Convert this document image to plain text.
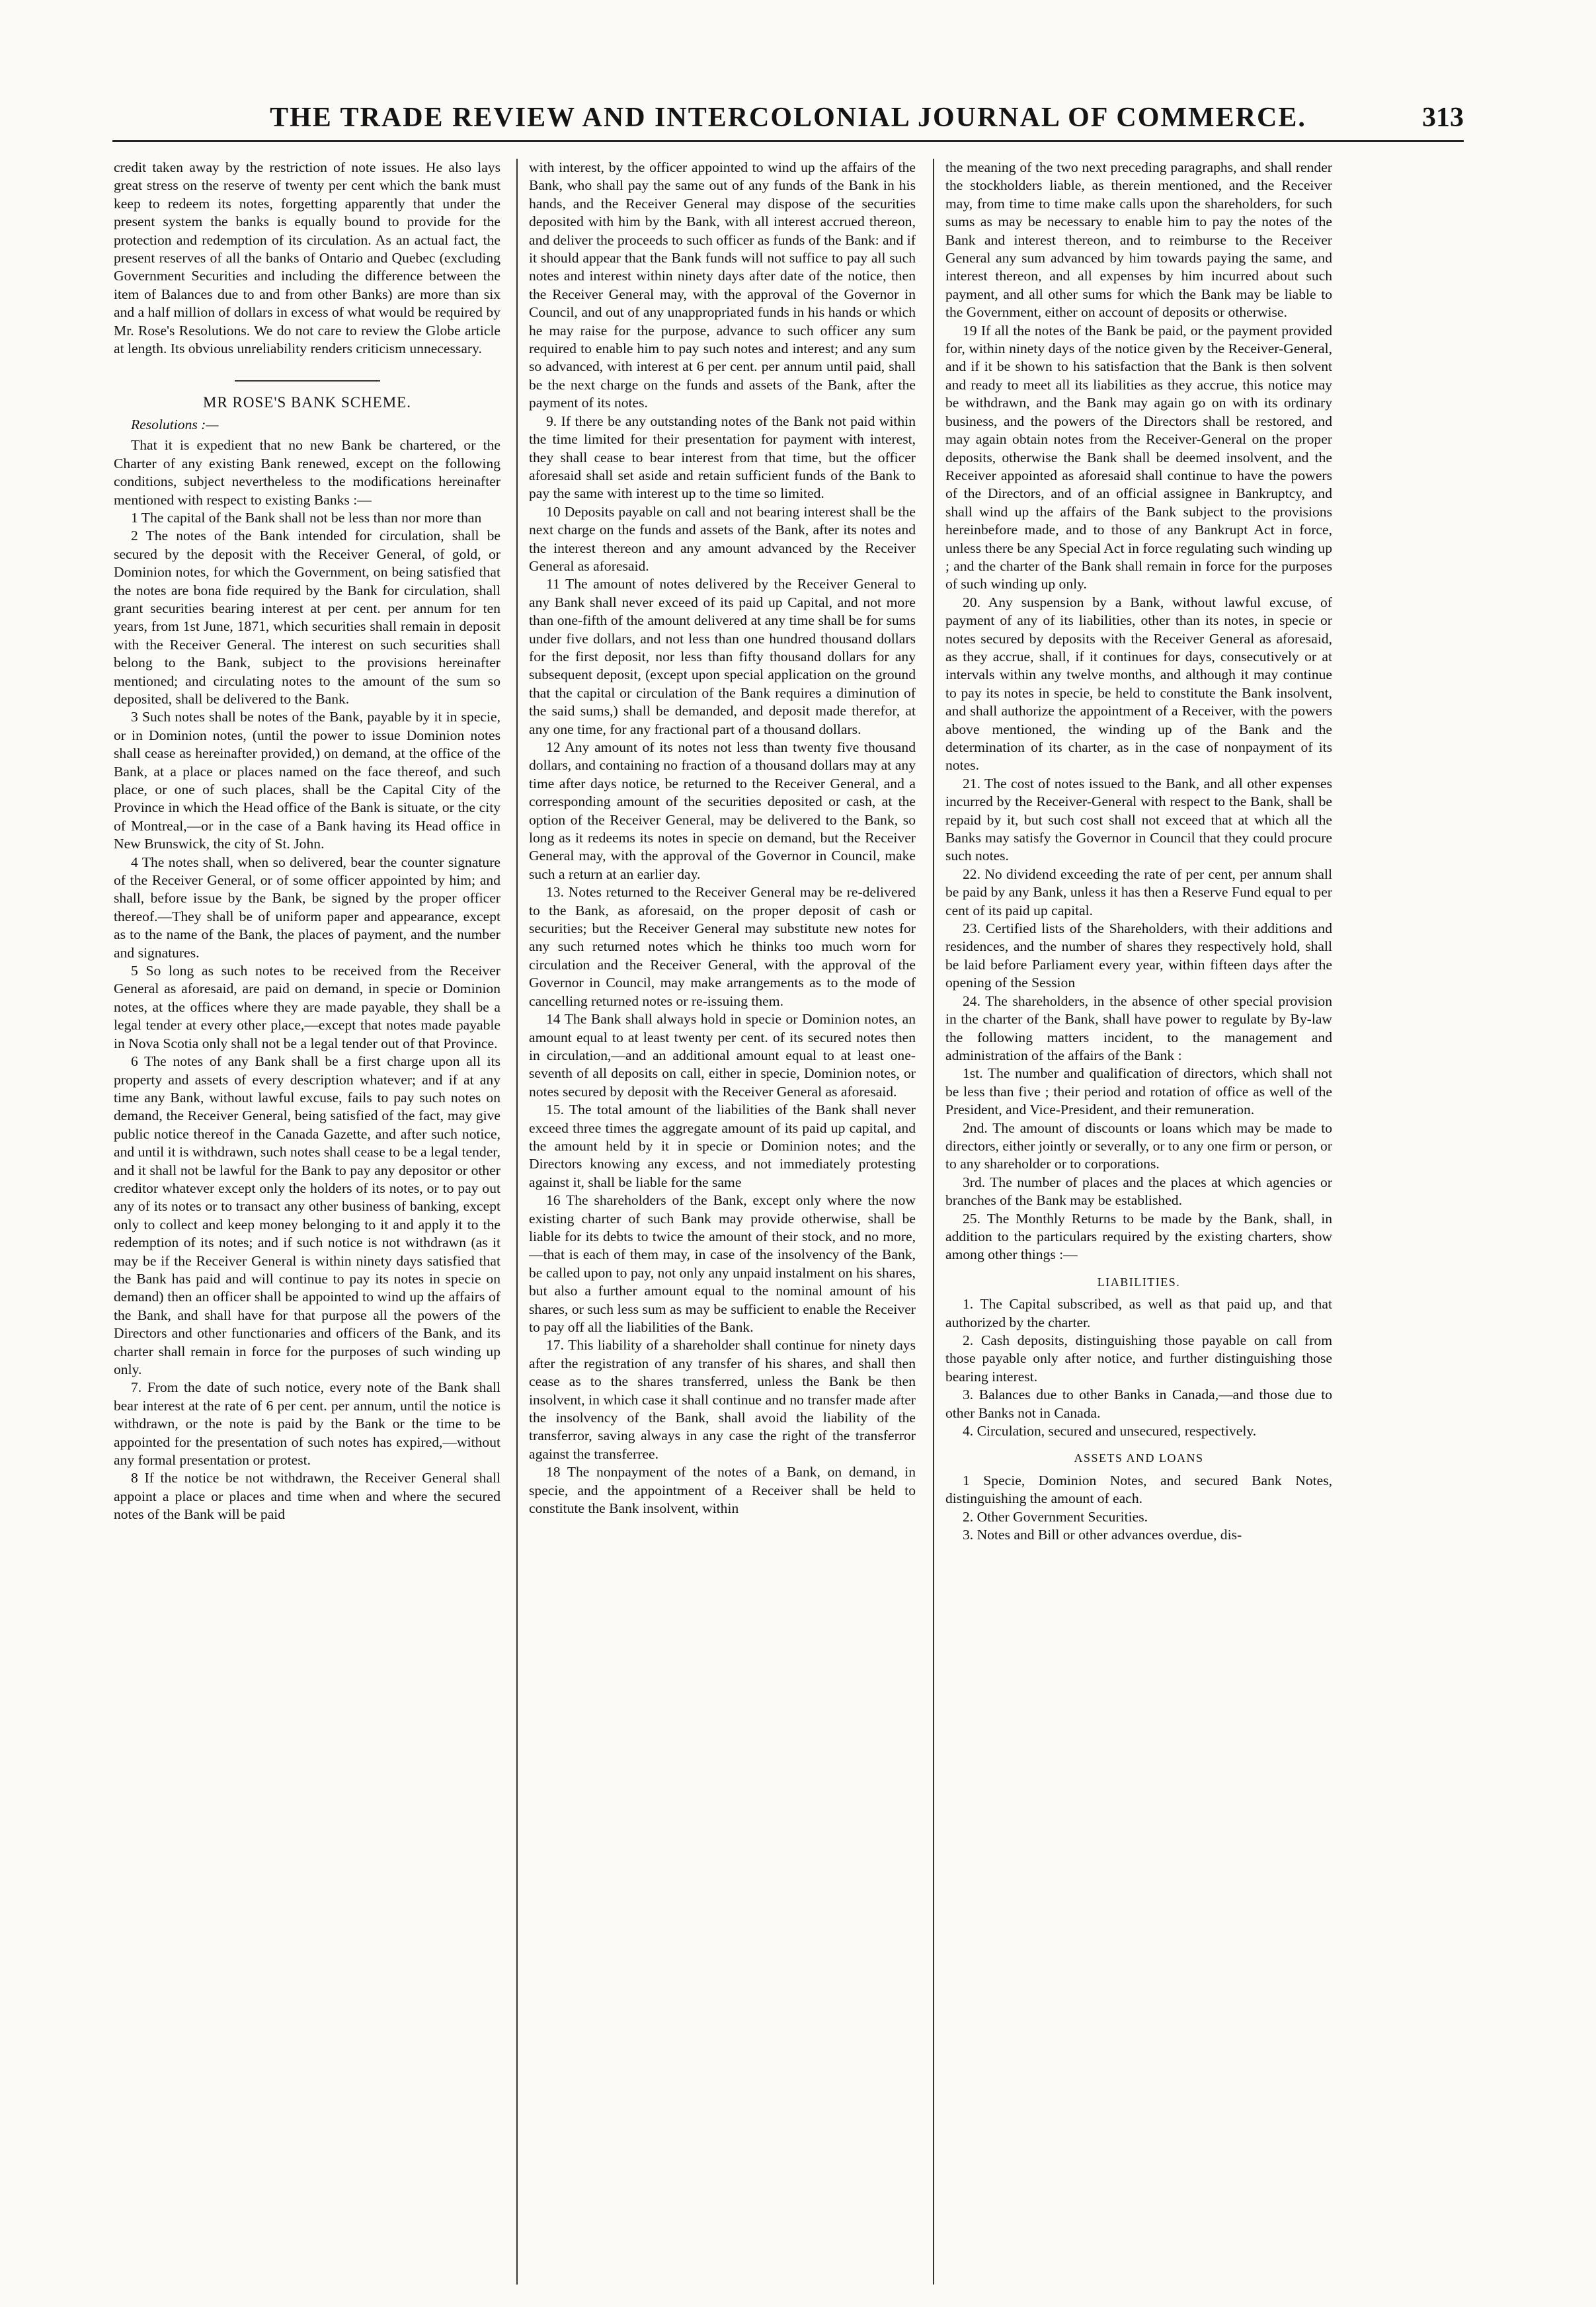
THE TRADE REVIEW AND INTERCOLONIAL JOURNAL OF COMMERCE.	313

credit taken away by the restriction of note issues. He also lays great stress on the reserve of twenty per cent which the bank must keep to redeem its notes, forgetting apparently that under the present system the banks is equally bound to provide for the protection and redemption of its circulation. As an actual fact, the present reserves of all the banks of Ontario and Quebec (excluding Government Securities and including the difference between the item of Balances due to and from other Banks) are more than six and a half million of dollars in excess of what would be required by Mr. Rose's Resolutions. We do not care to review the Globe article at length. Its obvious unreliability renders criticism unnecessary.

MR ROSE'S BANK SCHEME.
Resolutions :—

That it is expedient that no new Bank be chartered, or the Charter of any existing Bank renewed, except on the following conditions, subject nevertheless to the modifications hereinafter mentioned with respect to existing Banks :—

1 The capital of the Bank shall not be less than nor more than

2 The notes of the Bank intended for circulation, shall be secured by the deposit with the Receiver General, of gold, or Dominion notes, for which the Government, on being satisfied that the notes are bona fide required by the Bank for circulation, shall grant securities bearing interest at per cent. per annum for ten years, from 1st June, 1871, which securities shall remain in deposit with the Receiver General. The interest on such securities shall belong to the Bank, subject to the provisions hereinafter mentioned; and circulating notes to the amount of the sum so deposited, shall be delivered to the Bank.

3 Such notes shall be notes of the Bank, payable by it in specie, or in Dominion notes, (until the power to issue Dominion notes shall cease as hereinafter provided,) on demand, at the office of the Bank, at a place or places named on the face thereof, and such place, or one of such places, shall be the Capital City of the Province in which the Head office of the Bank is situate, or the city of Montreal,—or in the case of a Bank having its Head office in New Brunswick, the city of St. John.

4 The notes shall, when so delivered, bear the counter signature of the Receiver General, or of some officer appointed by him; and shall, before issue by the Bank, be signed by the proper officer thereof.—They shall be of uniform paper and appearance, except as to the name of the Bank, the places of payment, and the number and signatures.

5 So long as such notes to be received from the Receiver General as aforesaid, are paid on demand, in specie or Dominion notes, at the offices where they are made payable, they shall be a legal tender at every other place,—except that notes made payable in Nova Scotia only shall not be a legal tender out of that Province.

6 The notes of any Bank shall be a first charge upon all its property and assets of every description whatever; and if at any time any Bank, without lawful excuse, fails to pay such notes on demand, the Receiver General, being satisfied of the fact, may give public notice thereof in the Canada Gazette, and after such notice, and until it is withdrawn, such notes shall cease to be a legal tender, and it shall not be lawful for the Bank to pay any depositor or other creditor whatever except only the holders of its notes, or to pay out any of its notes or to transact any other business of banking, except only to collect and keep money belonging to it and apply it to the redemption of its notes; and if such notice is not withdrawn (as it may be if the Receiver General is within ninety days satisfied that the Bank has paid and will continue to pay its notes in specie on demand) then an officer shall be appointed to wind up the affairs of the Bank, and shall have for that purpose all the powers of the Directors and other functionaries and officers of the Bank, and its charter shall remain in force for the purposes of such winding up only.

7. From the date of such notice, every note of the Bank shall bear interest at the rate of 6 per cent. per annum, until the notice is withdrawn, or the note is paid by the Bank or the time to be appointed for the presentation of such notes has expired,—without any formal presentation or protest.

8 If the notice be not withdrawn, the Receiver General shall appoint a place or places and time when and where the secured notes of the Bank will be paid

with interest, by the officer appointed to wind up the affairs of the Bank, who shall pay the same out of any funds of the Bank in his hands, and the Receiver General may dispose of the securities deposited with him by the Bank, with all interest accrued thereon, and deliver the proceeds to such officer as funds of the Bank: and if it should appear that the Bank funds will not suffice to pay all such notes and interest within ninety days after date of the notice, then the Receiver General may, with the approval of the Governor in Council, and out of any unappropriated funds in his hands or which he may raise for the purpose, advance to such officer any sum required to enable him to pay such notes and interest; and any sum so advanced, with interest at 6 per cent. per annum until paid, shall be the next charge on the funds and assets of the Bank, after the payment of its notes.

9. If there be any outstanding notes of the Bank not paid within the time limited for their presentation for payment with interest, they shall cease to bear interest from that time, but the officer aforesaid shall set aside and retain sufficient funds of the Bank to pay the same with interest up to the time so limited.

10 Deposits payable on call and not bearing interest shall be the next charge on the funds and assets of the Bank, after its notes and the interest thereon and any amount advanced by the Receiver General as aforesaid.

11 The amount of notes delivered by the Receiver General to any Bank shall never exceed of its paid up Capital, and not more than one-fifth of the amount delivered at any time shall be for sums under five dollars, and not less than one hundred thousand dollars for the first deposit, nor less than fifty thousand dollars for any subsequent deposit, (except upon special application on the ground that the capital or circulation of the Bank requires a diminution of the said sums,) shall be demanded, and deposit made therefor, at any one time, for any fractional part of a thousand dollars.

12 Any amount of its notes not less than twenty five thousand dollars, and containing no fraction of a thousand dollars may at any time after days notice, be returned to the Receiver General, and a corresponding amount of the securities deposited or cash, at the option of the Receiver General, may be delivered to the Bank, so long as it redeems its notes in specie on demand, but the Receiver General may, with the approval of the Governor in Council, make such a return at an earlier day.

13. Notes returned to the Receiver General may be re-delivered to the Bank, as aforesaid, on the proper deposit of cash or securities; but the Receiver General may substitute new notes for any such returned notes which he thinks too much worn for circulation and the Receiver General, with the approval of the Governor in Council, may make arrangements as to the mode of cancelling returned notes or re-issuing them.

14 The Bank shall always hold in specie or Dominion notes, an amount equal to at least twenty per cent. of its secured notes then in circulation,—and an additional amount equal to at least one-seventh of all deposits on call, either in specie, Dominion notes, or notes secured by deposit with the Receiver General as aforesaid.

15. The total amount of the liabilities of the Bank shall never exceed three times the aggregate amount of its paid up capital, and the amount held by it in specie or Dominion notes; and the Directors knowing any excess, and not immediately protesting against it, shall be liable for the same

16 The shareholders of the Bank, except only where the now existing charter of such Bank may provide otherwise, shall be liable for its debts to twice the amount of their stock, and no more,—that is each of them may, in case of the insolvency of the Bank, be called upon to pay, not only any unpaid instalment on his shares, but also a further amount equal to the nominal amount of his shares, or such less sum as may be sufficient to enable the Receiver to pay off all the liabilities of the Bank.

17. This liability of a shareholder shall continue for ninety days after the registration of any transfer of his shares, and shall then cease as to the shares transferred, unless the Bank be then insolvent, in which case it shall continue and no transfer made after the insolvency of the Bank, shall avoid the liability of the transferror, saving always in any case the right of the transferror against the transferree.

18 The nonpayment of the notes of a Bank, on demand, in specie, and the appointment of a Receiver shall be held to constitute the Bank insolvent, within

the meaning of the two next preceding paragraphs, and shall render the stockholders liable, as therein mentioned, and the Receiver may, from time to time make calls upon the shareholders, for such sums as may be necessary to enable him to pay the notes of the Bank and interest thereon, and to reimburse to the Receiver General any sum advanced by him towards paying the same, and interest thereon, and all expenses by him incurred about such payment, and all other sums for which the Bank may be liable to the Government, either on account of deposits or otherwise.

19 If all the notes of the Bank be paid, or the payment provided for, within ninety days of the notice given by the Receiver-General, and if it be shown to his satisfaction that the Bank is then solvent and ready to meet all its liabilities as they accrue, this notice may be withdrawn, and the Bank may again go on with its ordinary business, and the powers of the Directors shall be restored, and may again obtain notes from the Receiver-General on the proper deposits, otherwise the Bank shall be deemed insolvent, and the Receiver appointed as aforesaid shall continue to have the powers of the Directors, and of an official assignee in Bankruptcy, and shall wind up the affairs of the Bank subject to the provisions hereinbefore made, and to those of any Bankrupt Act in force, unless there be any Special Act in force regulating such winding up ; and the charter of the Bank shall remain in force for the purposes of such winding up only.

20. Any suspension by a Bank, without lawful excuse, of payment of any of its liabilities, other than its notes, in specie or notes secured by deposits with the Receiver General as aforesaid, as they accrue, shall, if it continues for days, consecutively or at intervals within any twelve months, and although it may continue to pay its notes in specie, be held to constitute the Bank insolvent, and shall authorize the appointment of a Receiver, with the powers above mentioned, the winding up of the Bank and the determination of its charter, as in the case of nonpayment of its notes.

21. The cost of notes issued to the Bank, and all other expenses incurred by the Receiver-General with respect to the Bank, shall be repaid by it, but such cost shall not exceed that at which all the Banks may satisfy the Governor in Council that they could procure such notes.

22. No dividend exceeding the rate of per cent, per annum shall be paid by any Bank, unless it has then a Reserve Fund equal to per cent of its paid up capital.

23. Certified lists of the Shareholders, with their additions and residences, and the number of shares they respectively hold, shall be laid before Parliament every year, within fifteen days after the opening of the Session

24. The shareholders, in the absence of other special provision in the charter of the Bank, shall have power to regulate by By-law the following matters incident, to the management and administration of the affairs of the Bank :

1st. The number and qualification of directors, which shall not be less than five ; their period and rotation of office as well of the President, and Vice-President, and their remuneration.

2nd. The amount of discounts or loans which may be made to directors, either jointly or severally, or to any one firm or person, or to any shareholder or to corporations.

3rd. The number of places and the places at which agencies or branches of the Bank may be established.

25. The Monthly Returns to be made by the Bank, shall, in addition to the particulars required by the existing charters, show among other things :—

LIABILITIES.

1. The Capital subscribed, as well as that paid up, and that authorized by the charter.

2. Cash deposits, distinguishing those payable on call from those payable only after notice, and further distinguishing those bearing interest.

3. Balances due to other Banks in Canada,—and those due to other Banks not in Canada.

4. Circulation, secured and unsecured, respectively.

ASSETS AND LOANS

1 Specie, Dominion Notes, and secured Bank Notes, distinguishing the amount of each.

2. Other Government Securities.

3. Notes and Bill or other advances overdue, dis-
